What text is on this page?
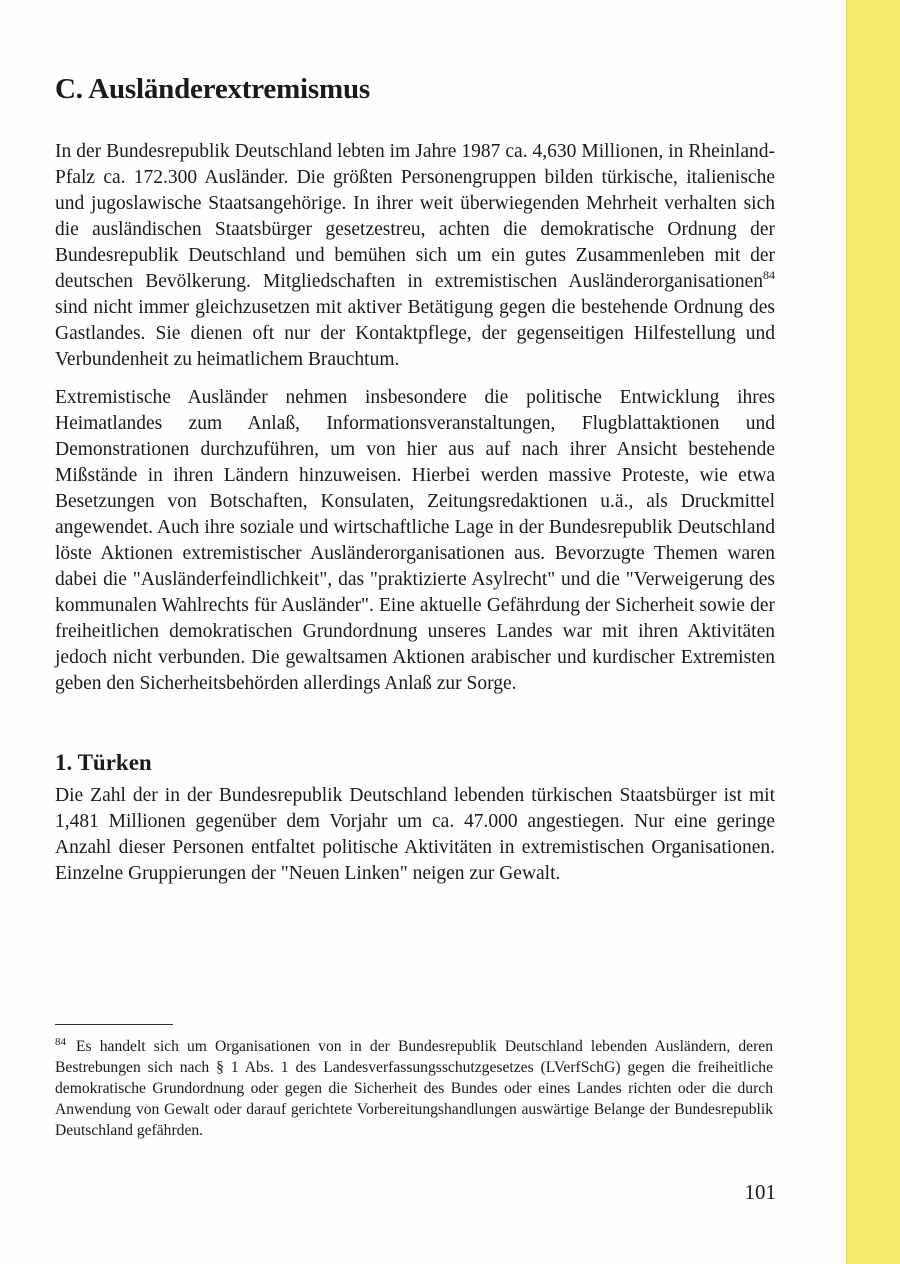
C. Ausländerextremismus

In der Bundesrepublik Deutschland lebten im Jahre 1987 ca. 4,630 Millionen, in Rheinland-Pfalz ca. 172.300 Ausländer. Die größten Personengruppen bilden türkische, italienische und jugoslawische Staatsangehörige. In ihrer weit überwiegenden Mehrheit verhalten sich die ausländischen Staatsbürger gesetzestreu, achten die demokratische Ordnung der Bundesrepublik Deutschland und bemühen sich um ein gutes Zusammenleben mit der deutschen Bevölkerung. Mitgliedschaften in extremistischen Ausländerorganisationen$^{84}$ sind nicht immer gleichzusetzen mit aktiver Betätigung gegen die bestehende Ordnung des Gastlandes. Sie dienen oft nur der Kontaktpflege, der gegenseitigen Hilfestellung und Verbundenheit zu heimatlichem Brauchtum.

Extremistische Ausländer nehmen insbesondere die politische Entwicklung ihres Heimatlandes zum Anlaß, Informationsveranstaltungen, Flugblattaktionen und Demonstrationen durchzuführen, um von hier aus auf nach ihrer Ansicht bestehende Mißstände in ihren Ländern hinzuweisen. Hierbei werden massive Proteste, wie etwa Besetzungen von Botschaften, Konsulaten, Zeitungsredaktionen u.ä., als Druckmittel angewendet. Auch ihre soziale und wirtschaftliche Lage in der Bundesrepublik Deutschland löste Aktionen extremistischer Ausländerorganisationen aus. Bevorzugte Themen waren dabei die "Ausländerfeindlichkeit", das "praktizierte Asylrecht" und die "Verweigerung des kommunalen Wahlrechts für Ausländer". Eine aktuelle Gefährdung der Sicherheit sowie der freiheitlichen demokratischen Grundordnung unseres Landes war mit ihren Aktivitäten jedoch nicht verbunden. Die gewaltsamen Aktionen arabischer und kurdischer Extremisten geben den Sicherheitsbehörden allerdings Anlaß zur Sorge.

1. Türken

Die Zahl der in der Bundesrepublik Deutschland lebenden türkischen Staatsbürger ist mit 1,481 Millionen gegenüber dem Vorjahr um ca. 47.000 angestiegen. Nur eine geringe Anzahl dieser Personen entfaltet politische Aktivitäten in extremistischen Organisationen. Einzelne Gruppierungen der "Neuen Linken" neigen zur Gewalt.

$^{84}$ Es handelt sich um Organisationen von in der Bundesrepublik Deutschland lebenden Ausländern, deren Bestrebungen sich nach § 1 Abs. 1 des Landesverfassungsschutzgesetzes (LVerfSchG) gegen die freiheitliche demokratische Grundordnung oder gegen die Sicherheit des Bundes oder eines Landes richten oder die durch Anwendung von Gewalt oder darauf gerichtete Vorbereitungshandlungen auswärtige Belange der Bundesrepublik Deutschland gefährden.
101
